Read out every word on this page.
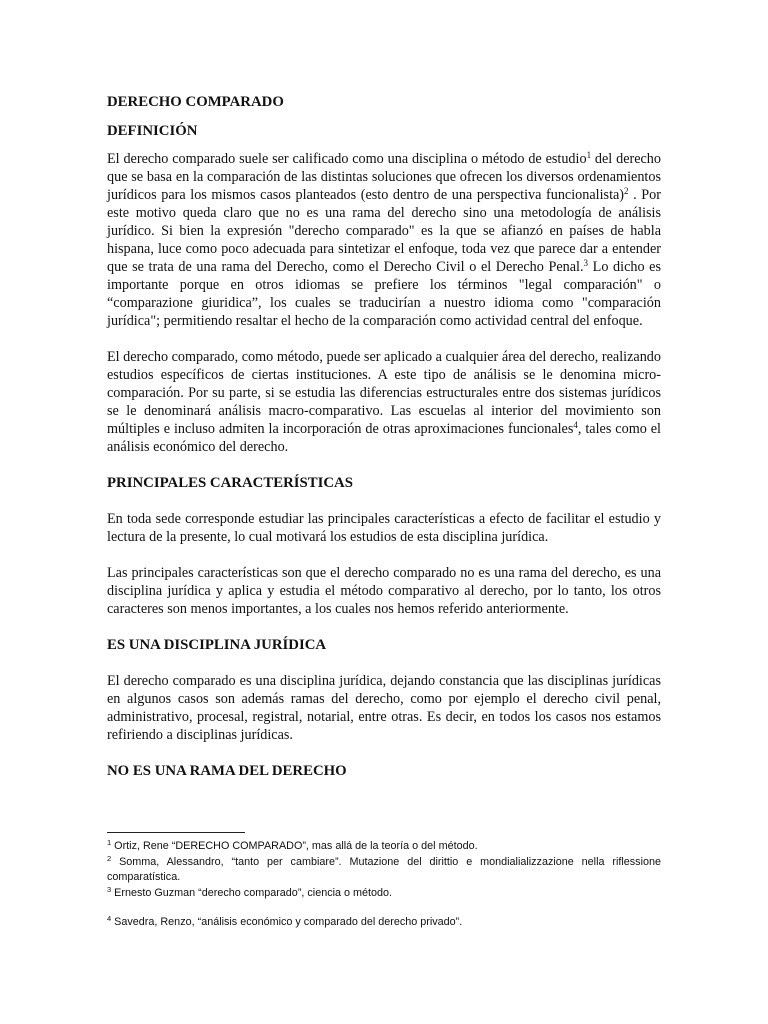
DERECHO COMPARADO
DEFINICIÓN

El derecho comparado suele ser calificado como una disciplina o método de estudio$^1$ del derecho que se basa en la comparación de las distintas soluciones que ofrecen los diversos ordenamientos jurídicos para los mismos casos planteados (esto dentro de una perspectiva funcionalista)$^2$ . Por este motivo queda claro que no es una rama del derecho sino una metodología de análisis jurídico. Si bien la expresión "derecho comparado" es la que se afianzó en países de habla hispana, luce como poco adecuada para sintetizar el enfoque, toda vez que parece dar a entender que se trata de una rama del Derecho, como el Derecho Civil o el Derecho Penal.$^3$ Lo dicho es importante porque en otros idiomas se prefiere los términos "legal comparación" o “comparazione giuridica”, los cuales se traducirían a nuestro idioma como "comparación jurídica"; permitiendo resaltar el hecho de la comparación como actividad central del enfoque.

El derecho comparado, como método, puede ser aplicado a cualquier área del derecho, realizando estudios específicos de ciertas instituciones. A este tipo de análisis se le denomina micro-comparación. Por su parte, si se estudia las diferencias estructurales entre dos sistemas jurídicos se le denominará análisis macro-comparativo. Las escuelas al interior del movimiento son múltiples e incluso admiten la incorporación de otras aproximaciones funcionales$^4$, tales como el análisis económico del derecho.

PRINCIPALES CARACTERÍSTICAS

En toda sede corresponde estudiar las principales características a efecto de facilitar el estudio y lectura de la presente, lo cual motivará los estudios de esta disciplina jurídica.

Las principales características son que el derecho comparado no es una rama del derecho, es una disciplina jurídica y aplica y estudia el método comparativo al derecho, por lo tanto, los otros caracteres son menos importantes, a los cuales nos hemos referido anteriormente.

ES UNA DISCIPLINA JURÍDICA

El derecho comparado es una disciplina jurídica, dejando constancia que las disciplinas jurídicas en algunos casos son además ramas del derecho, como por ejemplo el derecho civil penal, administrativo, procesal, registral, notarial, entre otras. Es decir, en todos los casos nos estamos refiriendo a disciplinas jurídicas.

NO ES UNA RAMA DEL DERECHO

$^1$ Ortiz, Rene “DERECHO COMPARADO”, mas allá de la teoría o del método.

$^2$ Somma, Alessandro, “tanto per cambiare”. Mutazione del dirittio e mondialializzazione nella riflessione comparatística.

$^3$ Ernesto Guzman “derecho comparado”, ciencia o método.

$^4$ Savedra, Renzo, “análisis económico y comparado del derecho privado”.
